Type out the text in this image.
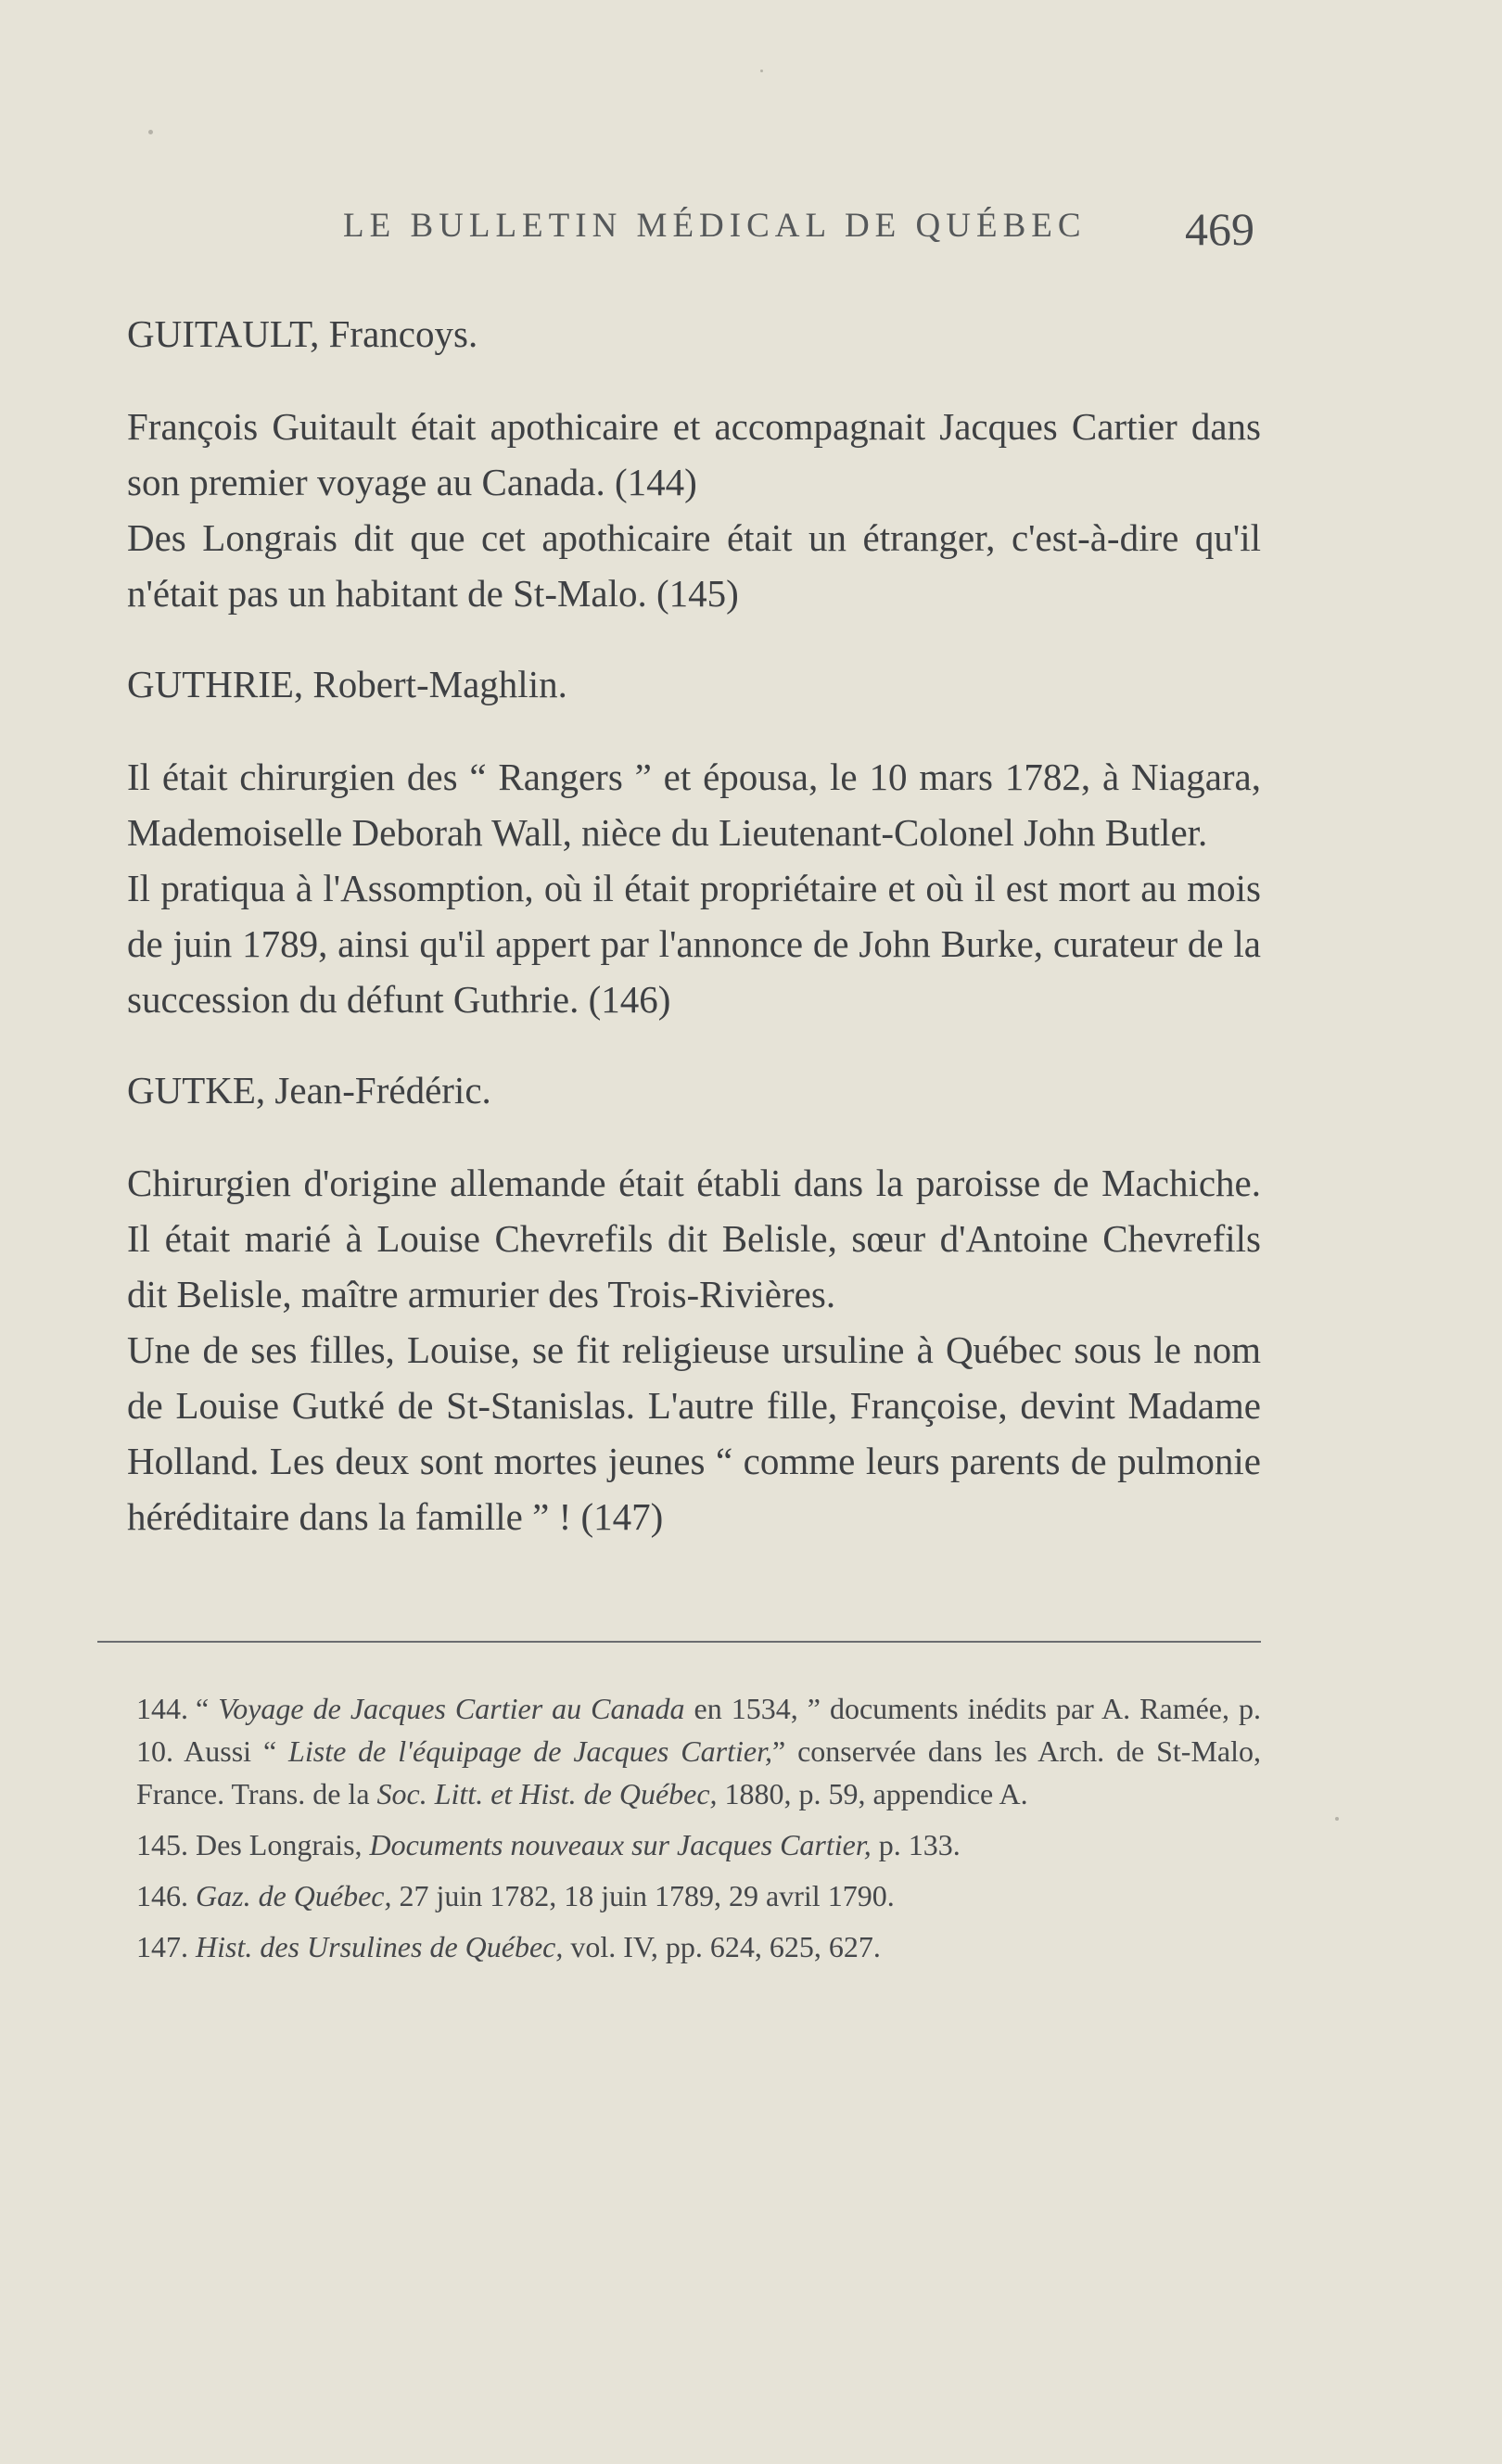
LE BULLETIN MÉDICAL DE QUÉBEC 469

GUITAULT, Francoys.

François Guitault était apothicaire et accompagnait Jacques Cartier dans son premier voyage au Canada. (144)

Des Longrais dit que cet apothicaire était un étranger, c'est-à-dire qu'il n'était pas un habitant de St-Malo. (145)

GUTHRIE, Robert-Maghlin.

Il était chirurgien des “ Rangers ” et épousa, le 10 mars 1782, à Niagara, Mademoiselle Deborah Wall, nièce du Lieutenant-Colonel John Butler.

Il pratiqua à l'Assomption, où il était propriétaire et où il est mort au mois de juin 1789, ainsi qu'il appert par l'annonce de John Burke, curateur de la succession du défunt Guthrie. (146)

GUTKE, Jean-Frédéric.

Chirurgien d'origine allemande était établi dans la paroisse de Machiche. Il était marié à Louise Chevrefils dit Belisle, sœur d'Antoine Chevrefils dit Belisle, maître armurier des Trois-Rivières.

Une de ses filles, Louise, se fit religieuse ursuline à Québec sous le nom de Louise Gutké de St-Stanislas. L'autre fille, Françoise, devint Madame Holland. Les deux sont mortes jeunes “ comme leurs parents de pulmonie héréditaire dans la famille ” ! (147)

144. “ Voyage de Jacques Cartier au Canada en 1534, ” documents inédits par A. Ramée, p. 10. Aussi “ Liste de l'équipage de Jacques Cartier,” conservée dans les Arch. de St-Malo, France. Trans. de la Soc. Litt. et Hist. de Québec, 1880, p. 59, appendice A.

145. Des Longrais, Documents nouveaux sur Jacques Cartier, p. 133.

146. Gaz. de Québec, 27 juin 1782, 18 juin 1789, 29 avril 1790.

147. Hist. des Ursulines de Québec, vol. IV, pp. 624, 625, 627.
